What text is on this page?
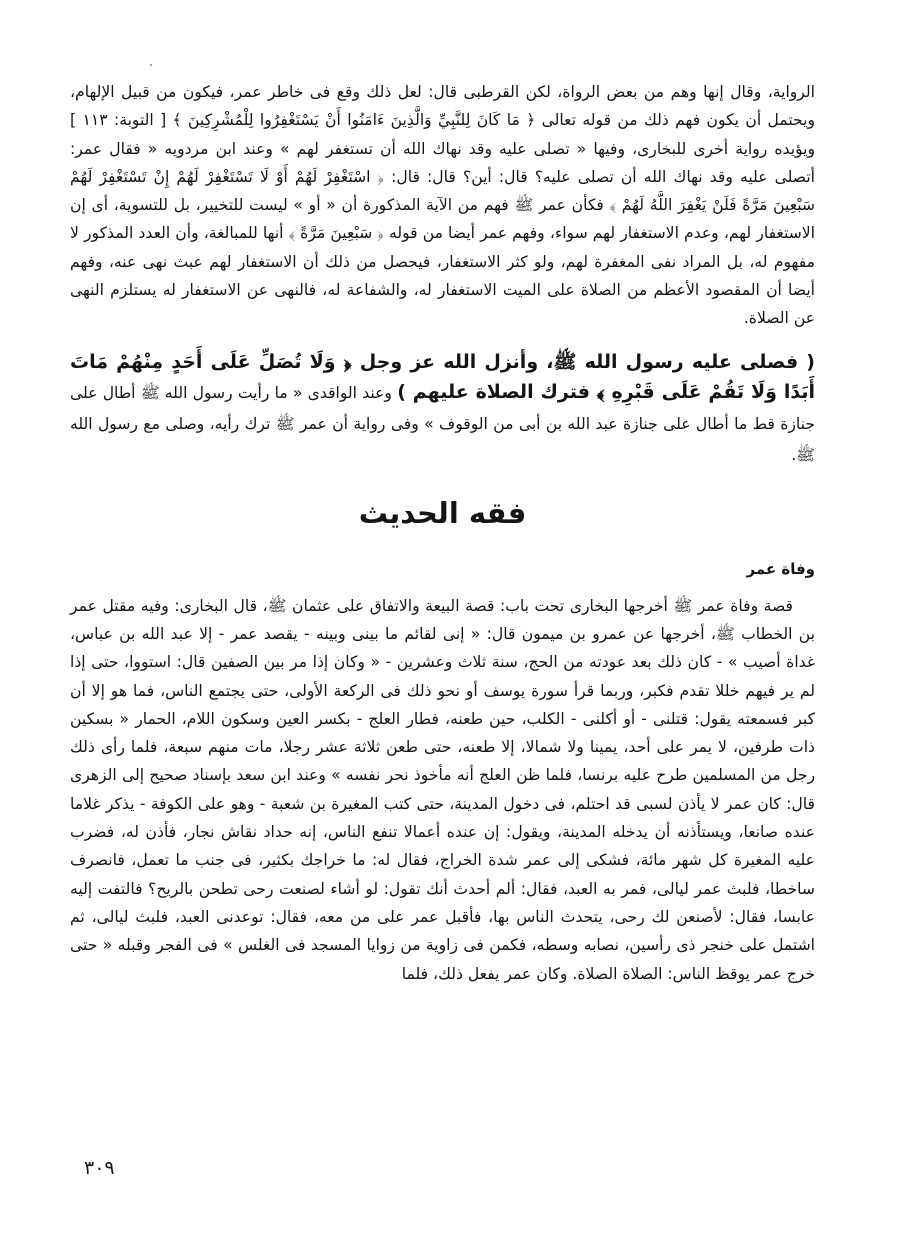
الرواية، وقال إنها وهم من بعض الرواة، لكن القرطبى قال: لعل ذلك وقع فى خاطر عمر، فيكون من قبيل الإلهام، ويحتمل أن يكون فهم ذلك من قوله تعالى ﴿ مَا كَانَ لِلنَّبِيِّ وَالَّذِينَ ءَامَنُوا أَنْ يَسْتَغْفِرُوا لِلْمُشْرِكِينَ ﴾ [ التوبة: ١١٣ ] ويؤيده رواية أخرى للبخارى، وفيها « تصلى عليه وقد نهاك الله أن تستغفر لهم » وعند ابن مردويه « فقال عمر: أتصلى عليه وقد نهاك الله أن تصلى عليه؟ قال: أين؟ قال: قال: ﴿ اسْتَغْفِرْ لَهُمْ أَوْ لَا تَسْتَغْفِرْ لَهُمْ إِنْ تَسْتَغْفِرْ لَهُمْ سَبْعِينَ مَرَّةً فَلَنْ يَغْفِرَ اللَّهُ لَهُمْ ﴾ فكأن عمر ﷺ فهم من الآية المذكورة أن « أو » ليست للتخيير، بل للتسوية، أى إن الاستغفار لهم، وعدم الاستغفار لهم سواء، وفهم عمر أيضا من قوله ﴿ سَبْعِينَ مَرَّةً ﴾ أنها للمبالغة، وأن العدد المذكور لا مفهوم له، بل المراد نفى المغفرة لهم، ولو كثر الاستغفار، فيحصل من ذلك أن الاستغفار لهم عبث نهى عنه، وفهم أيضا أن المقصود الأعظم من الصلاة على الميت الاستغفار له، والشفاعة له، فالنهى عن الاستغفار له يستلزم النهى عن الصلاة.

( فصلى عليه رسول الله ﷺ، وأنزل الله عز وجل ﴿ وَلَا تُصَلِّ عَلَى أَحَدٍ مِنْهُمْ مَاتَ أَبَدًا وَلَا تَقُمْ عَلَى قَبْرِهِ ﴾ فترك الصلاة عليهم ) وعند الواقدى « ما رأيت رسول الله ﷺ أطال على جنازة قط ما أطال على جنازة عبد الله بن أبى من الوقوف » وفى رواية أن عمر ﷺ ترك رأيه، وصلى مع رسول الله ﷺ.

فقه الحديث
وفاة عمر

قصة وفاة عمر ﷺ أخرجها البخارى تحت باب: قصة البيعة والاتفاق على عثمان ﷺ، قال البخارى: وفيه مقتل عمر بن الخطاب ﷺ، أخرجها عن عمرو بن ميمون قال: « إنى لقائم ما بينى وبينه - يقصد عمر - إلا عبد الله بن عباس، غداة أصيب » - كان ذلك بعد عودته من الحج، سنة ثلاث وعشرين - « وكان إذا مر بين الصفين قال: استووا، حتى إذا لم ير فيهم خللا تقدم فكبر، وربما قرأ سورة يوسف أو نحو ذلك فى الركعة الأولى، حتى يجتمع الناس، فما هو إلا أن كبر فسمعته يقول: قتلنى - أو أكلنى - الكلب، حين طعنه، فطار العلج - بكسر العين وسكون اللام، الحمار « بسكين ذات طرفين، لا يمر على أحد، يمينا ولا شمالا، إلا طعنه، حتى طعن ثلاثة عشر رجلا، مات منهم سبعة، فلما رأى ذلك رجل من المسلمين طرح عليه برنسا، فلما ظن العلج أنه مأخوذ نحر نفسه » وعند ابن سعد بإسناد صحيح إلى الزهرى قال: كان عمر لا يأذن لسبى قد احتلم، فى دخول المدينة، حتى كتب المغيرة بن شعبة - وهو على الكوفة - يذكر غلاما عنده صانعا، ويستأذنه أن يدخله المدينة، ويقول: إن عنده أعمالا تنفع الناس، إنه حداد نقاش نجار، فأذن له، فضرب عليه المغيرة كل شهر مائة، فشكى إلى عمر شدة الخراج، فقال له: ما خراجك بكثير، فى جنب ما تعمل، فانصرف ساخطا، فلبث عمر ليالى، فمر به العبد، فقال: ألم أحدث أنك تقول: لو أشاء لصنعت رحى تطحن بالريح؟ فالتفت إليه عابسا، فقال: لأصنعن لك رحى، يتحدث الناس بها، فأقبل عمر على من معه، فقال: توعدنى العبد، فلبث ليالى، ثم اشتمل على خنجر ذى رأسين، نصابه وسطه، فكمن فى زاوية من زوايا المسجد فى الغلس » فى الفجر وقبله « حتى خرج عمر يوقظ الناس: الصلاة الصلاة. وكان عمر يفعل ذلك، فلما

٣٠٩
